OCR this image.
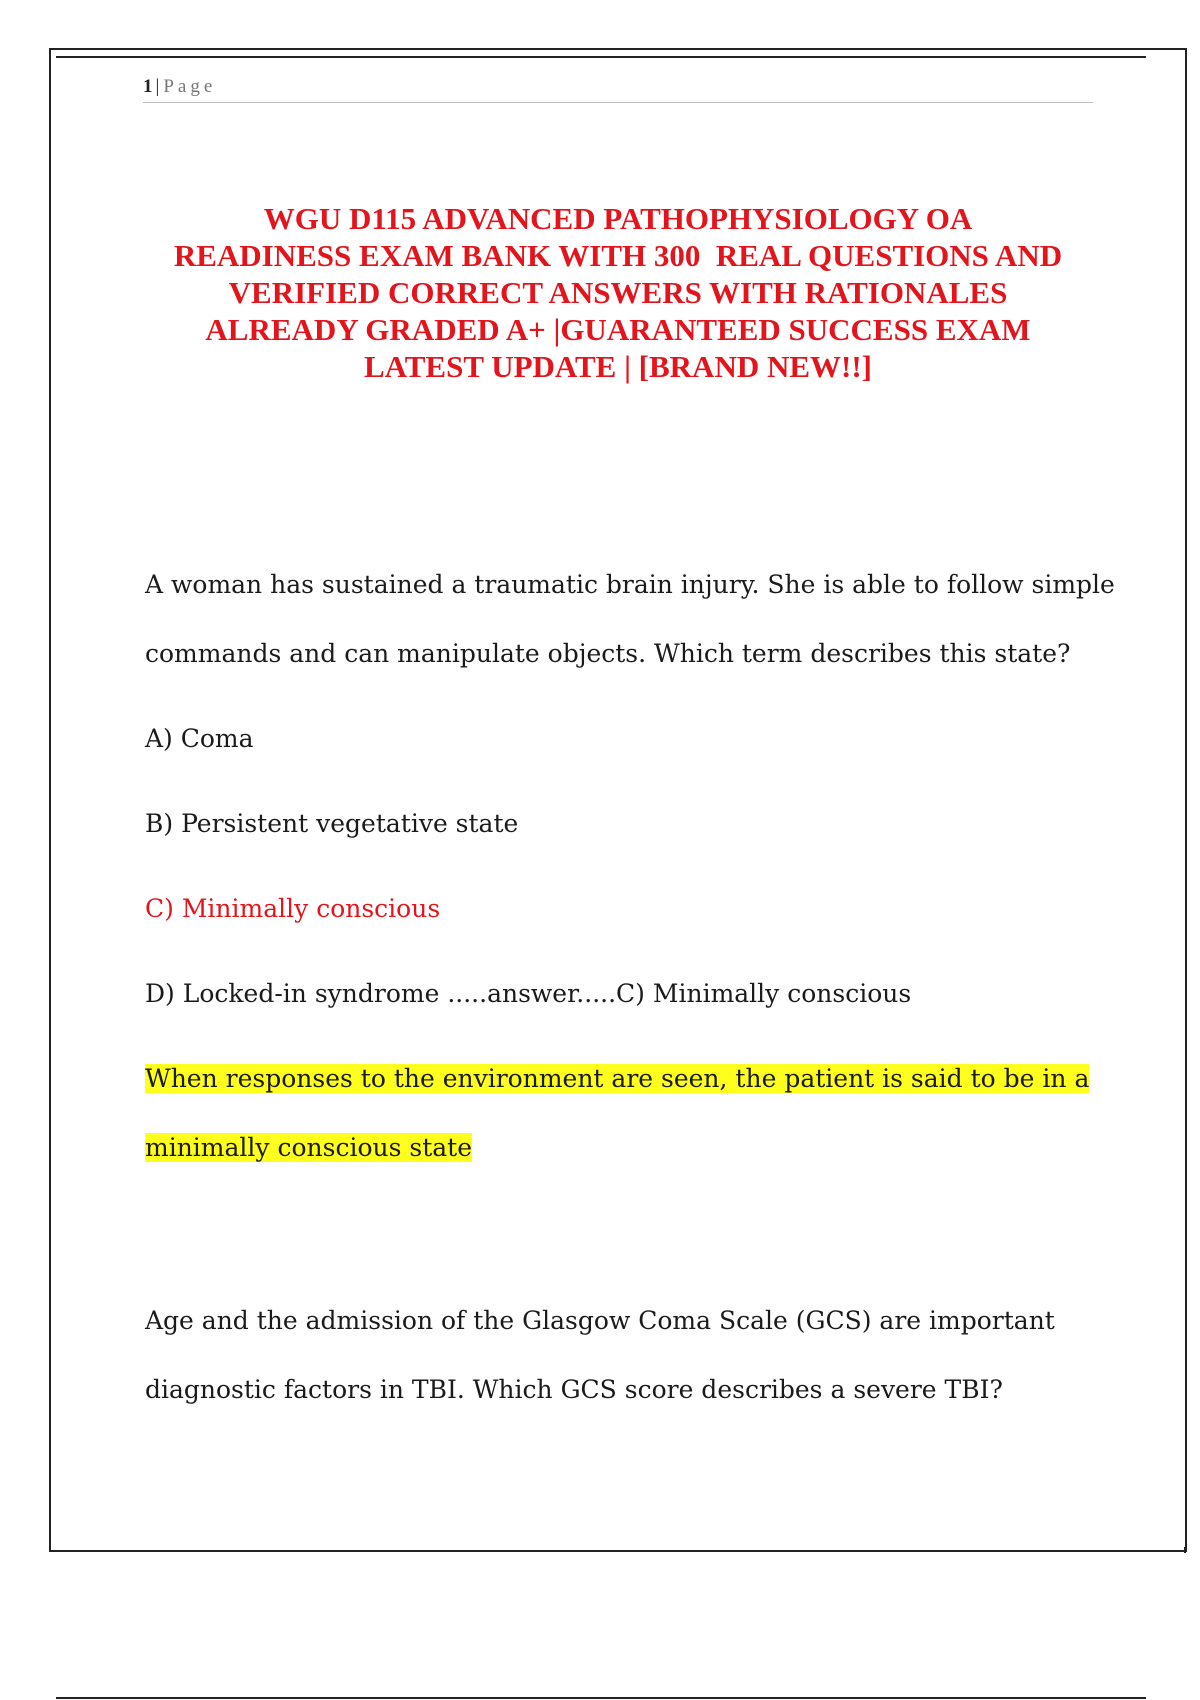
1 | Page
WGU D115 ADVANCED PATHOPHYSIOLOGY OA
READINESS EXAM BANK WITH 300  REAL QUESTIONS AND
VERIFIED CORRECT ANSWERS WITH RATIONALES
ALREADY GRADED A+ |GUARANTEED SUCCESS EXAM
LATEST UPDATE | [BRAND NEW!!]

A woman has sustained a traumatic brain injury. She is able to follow simple

commands and can manipulate objects. Which term describes this state?

A) Coma

B) Persistent vegetative state

C) Minimally conscious

D) Locked-in syndrome .....answer.....C) Minimally conscious

When responses to the environment are seen, the patient is said to be in a

minimally conscious state

Age and the admission of the Glasgow Coma Scale (GCS) are important

diagnostic factors in TBI. Which GCS score describes a severe TBI?
